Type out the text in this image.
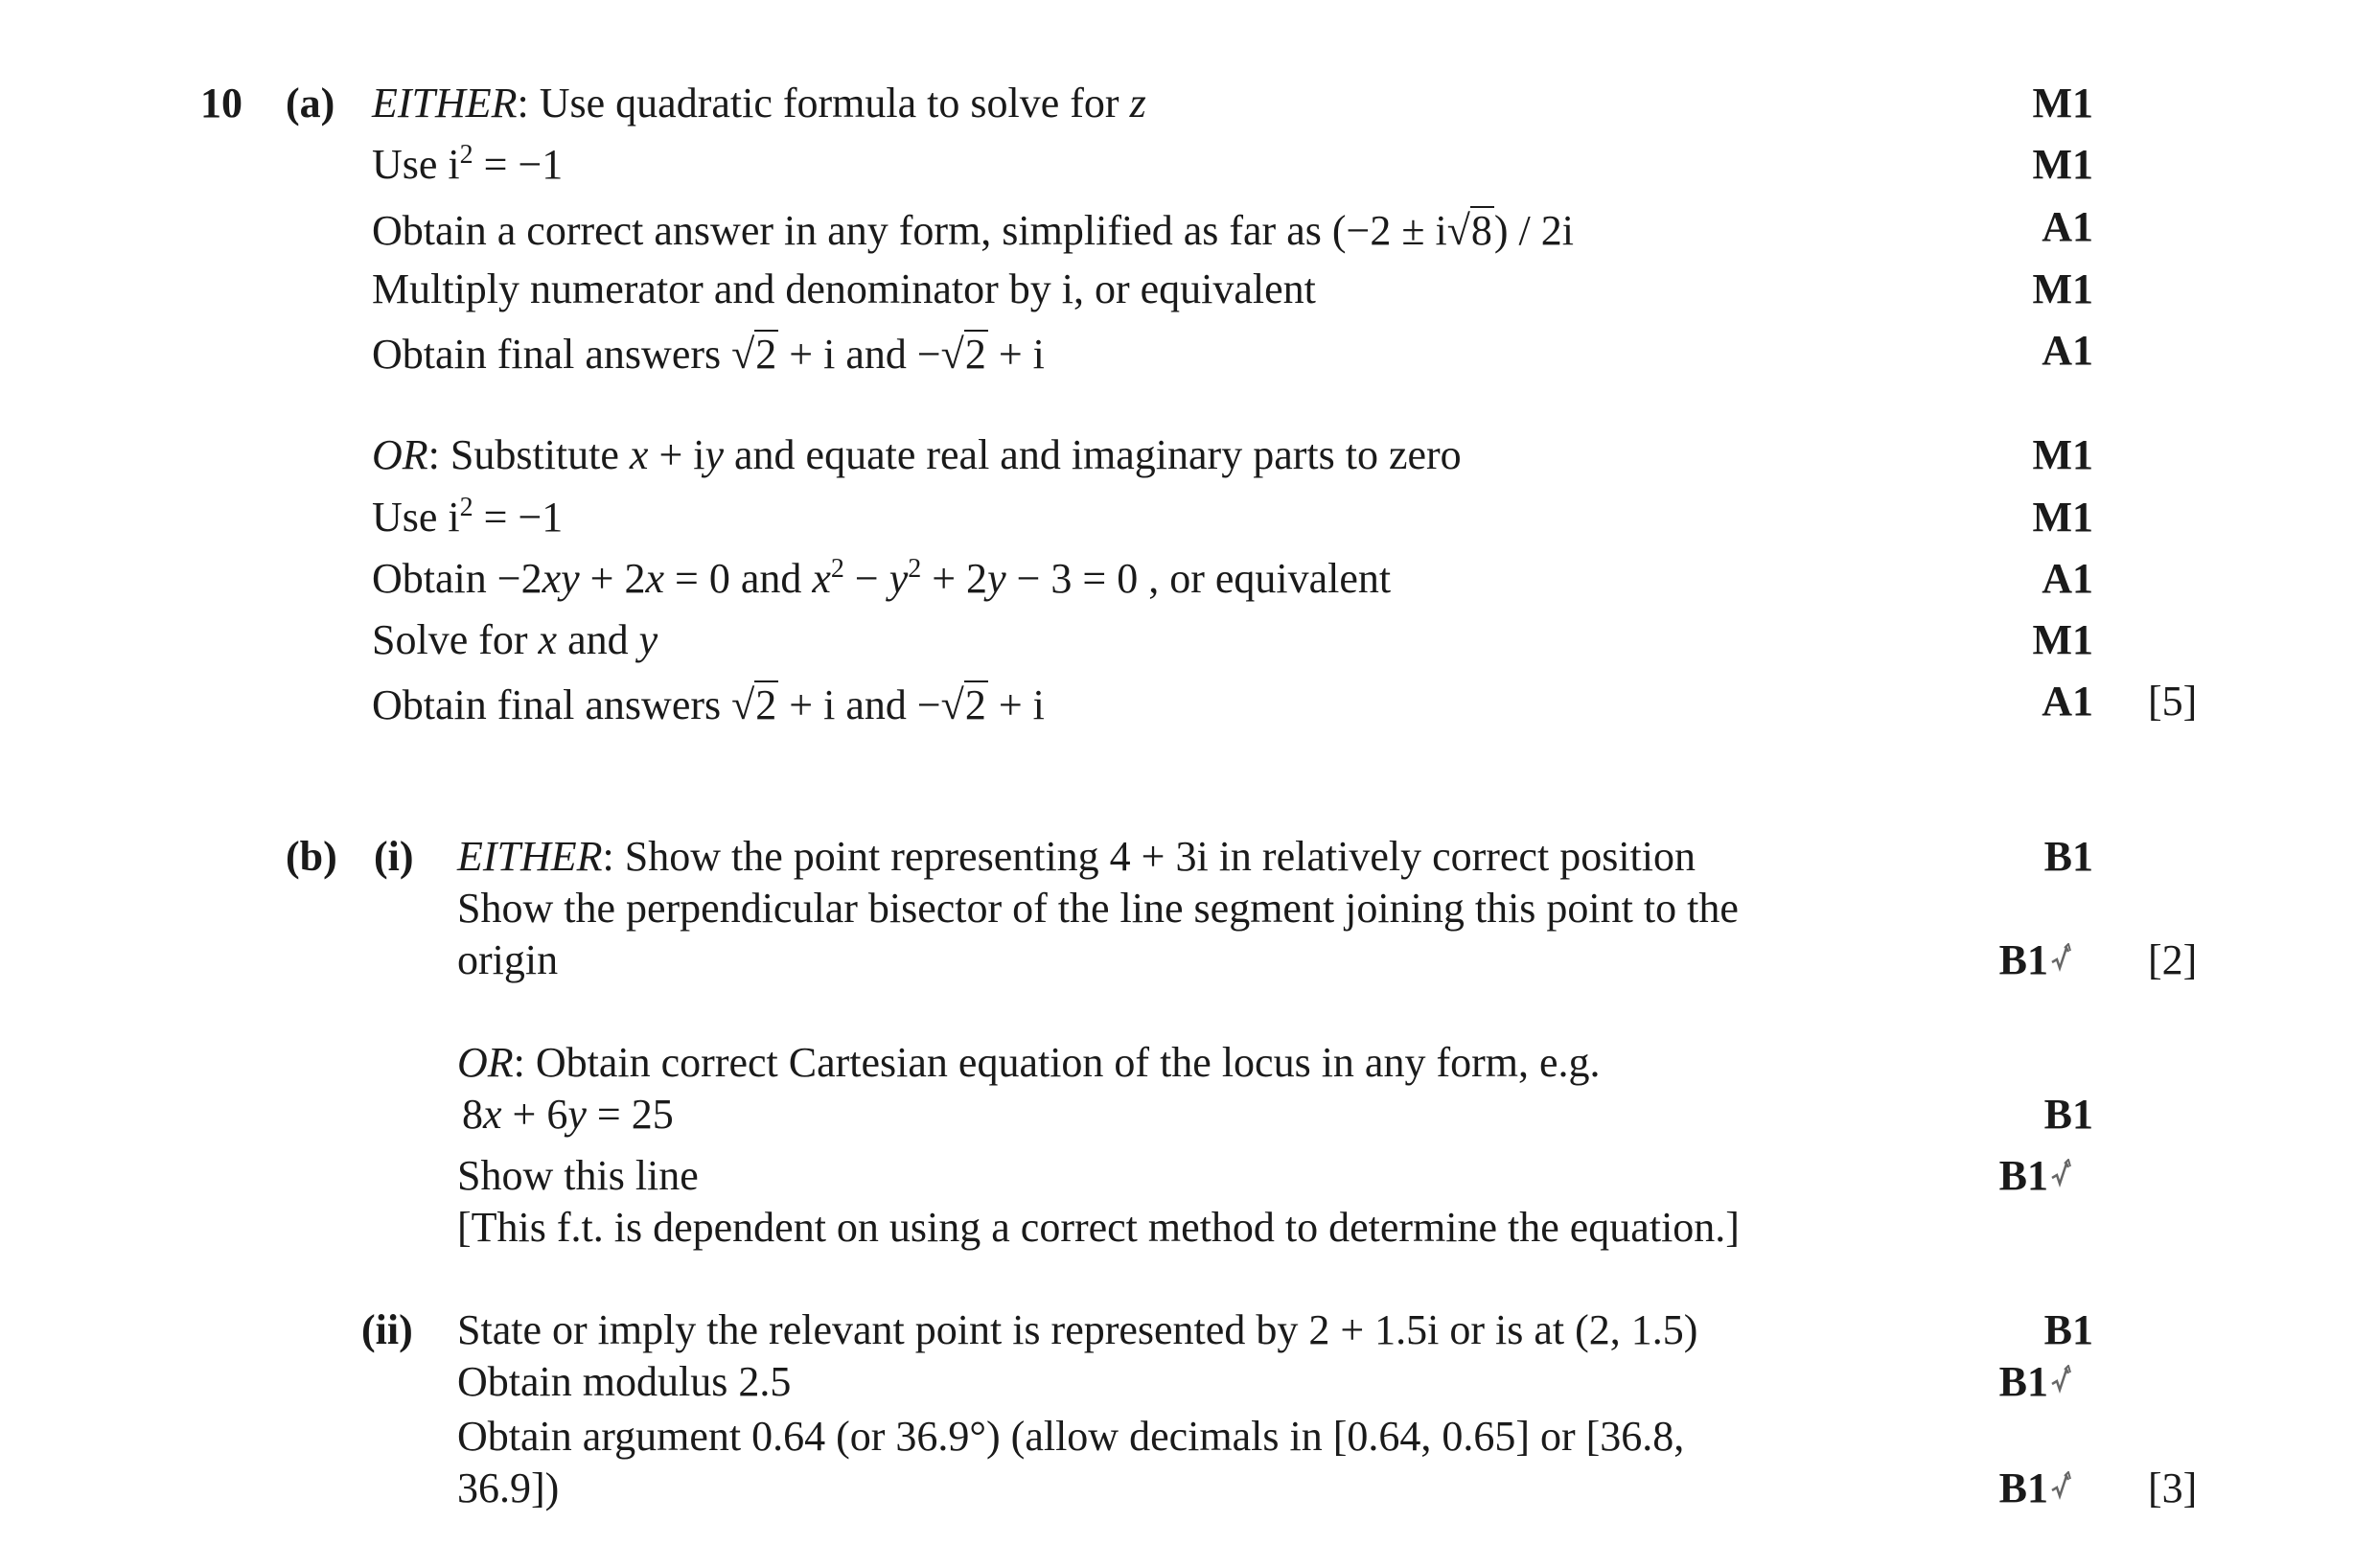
10 (a) EITHER: Use quadratic formula to solve for z
Use $i^2 = -1$
Obtain a correct answer in any form, simplified as far as (−2 ± i√8) / 2i
Multiply numerator and denominator by i, or equivalent
Obtain final answers √2 + i and −√2 + i
M1
M1
A1
M1
A1
OR: Substitute x + iy and equate real and imaginary parts to zero
Use $i^2 = -1$
Obtain −2xy + 2x = 0 and $x^2 - y^2 + 2y - 3 = 0$ , or equivalent
Solve for x and y
Obtain final answers √2 + i and −√2 + i
M1
M1
A1
M1
A1 [5]
(b) (i) EITHER: Show the point representing 4 + 3i in relatively correct position
Show the perpendicular bisector of the line segment joining this point to the
origin
B1
B1	[2]
OR: Obtain correct Cartesian equation of the locus in any form, e.g.
8x + 6y = 25
Show this line
[This f.t. is dependent on using a correct method to determine the equation.]
B1
B1
(ii) State or imply the relevant point is represented by 2 + 1.5i or is at (2, 1.5)
Obtain modulus 2.5
Obtain argument 0.64 (or 36.9°) (allow decimals in [0.64, 0.65] or [36.8,
36.9])
B1
B1
B1	[3]
